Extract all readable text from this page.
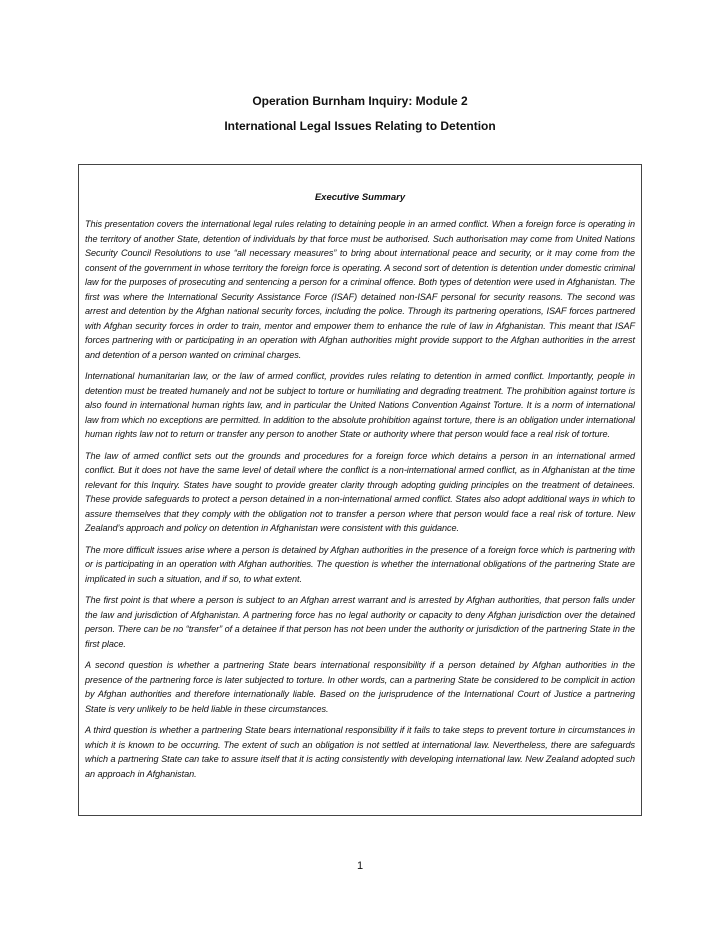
Operation Burnham Inquiry: Module 2
International Legal Issues Relating to Detention

Executive Summary

This presentation covers the international legal rules relating to detaining people in an armed conflict. When a foreign force is operating in the territory of another State, detention of individuals by that force must be authorised. Such authorisation may come from United Nations Security Council Resolutions to use “all necessary measures” to bring about international peace and security, or it may come from the consent of the government in whose territory the foreign force is operating. A second sort of detention is detention under domestic criminal law for the purposes of prosecuting and sentencing a person for a criminal offence. Both types of detention were used in Afghanistan. The first was where the International Security Assistance Force (ISAF) detained non-ISAF personal for security reasons. The second was arrest and detention by the Afghan national security forces, including the police. Through its partnering operations, ISAF forces partnered with Afghan security forces in order to train, mentor and empower them to enhance the rule of law in Afghanistan. This meant that ISAF forces partnering with or participating in an operation with Afghan authorities might provide support to the Afghan authorities in the arrest and detention of a person wanted on criminal charges.

International humanitarian law, or the law of armed conflict, provides rules relating to detention in armed conflict. Importantly, people in detention must be treated humanely and not be subject to torture or humiliating and degrading treatment. The prohibition against torture is also found in international human rights law, and in particular the United Nations Convention Against Torture. It is a norm of international law from which no exceptions are permitted. In addition to the absolute prohibition against torture, there is an obligation under international human rights law not to return or transfer any person to another State or authority where that person would face a real risk of torture.

The law of armed conflict sets out the grounds and procedures for a foreign force which detains a person in an international armed conflict. But it does not have the same level of detail where the conflict is a non-international armed conflict, as in Afghanistan at the time relevant for this Inquiry. States have sought to provide greater clarity through adopting guiding principles on the treatment of detainees. These provide safeguards to protect a person detained in a non-international armed conflict. States also adopt additional ways in which to assure themselves that they comply with the obligation not to transfer a person where that person would face a real risk of torture. New Zealand’s approach and policy on detention in Afghanistan were consistent with this guidance.

The more difficult issues arise where a person is detained by Afghan authorities in the presence of a foreign force which is partnering with or is participating in an operation with Afghan authorities. The question is whether the international obligations of the partnering State are implicated in such a situation, and if so, to what extent.

The first point is that where a person is subject to an Afghan arrest warrant and is arrested by Afghan authorities, that person falls under the law and jurisdiction of Afghanistan. A partnering force has no legal authority or capacity to deny Afghan jurisdiction over the detained person. There can be no “transfer” of a detainee if that person has not been under the authority or jurisdiction of the partnering State in the first place.

A second question is whether a partnering State bears international responsibility if a person detained by Afghan authorities in the presence of the partnering force is later subjected to torture. In other words, can a partnering State be considered to be complicit in action by Afghan authorities and therefore internationally liable. Based on the jurisprudence of the International Court of Justice a partnering State is very unlikely to be held liable in these circumstances.

A third question is whether a partnering State bears international responsibility if it fails to take steps to prevent torture in circumstances in which it is known to be occurring. The extent of such an obligation is not settled at international law. Nevertheless, there are safeguards which a partnering State can take to assure itself that it is acting consistently with developing international law. New Zealand adopted such an approach in Afghanistan.

1
